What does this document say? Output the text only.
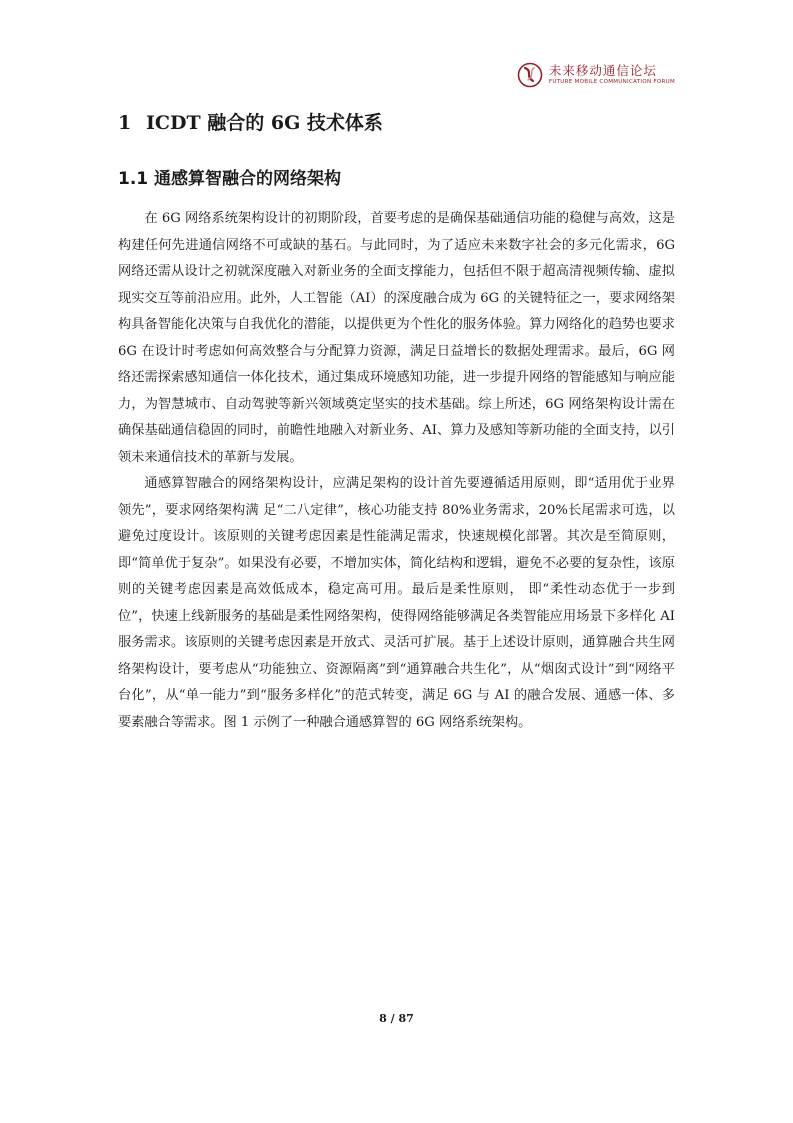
未来移动通信论坛
FUTURE MOBILE COMMUNICATION FORUM
1 ICDT 融合的 6G 技术体系
1.1 通感算智融合的网络架构

在 6G 网络系统架构设计的初期阶段，首要考虑的是确保基础通信功能的稳健与高效，这是构建任何先进通信网络不可或缺的基石。与此同时，为了适应未来数字社会的多元化需求，6G 网络还需从设计之初就深度融入对新业务的全面支撑能力，包括但不限于超高清视频传输、虚拟现实交互等前沿应用。此外，人工智能（AI）的深度融合成为 6G 的关键特征之一，要求网络架构具备智能化决策与自我优化的潜能，以提供更为个性化的服务体验。算力网络化的趋势也要求 6G 在设计时考虑如何高效整合与分配算力资源，满足日益增长的数据处理需求。最后，6G 网络还需探索感知通信一体化技术，通过集成环境感知功能，进一步提升网络的智能感知与响应能力，为智慧城市、自动驾驶等新兴领域奠定坚实的技术基础。综上所述，6G 网络架构设计需在确保基础通信稳固的同时，前瞻性地融入对新业务、AI、算力及感知等新功能的全面支持，以引领未来通信技术的革新与发展。

通感算智融合的网络架构设计，应满足架构的设计首先要遵循适用原则，即“适用优于业界领先”，要求网络架构满 足“二八定律”，核心功能支持 80%业务需求，20%长尾需求可选，以避免过度设计。该原则的关键考虑因素是性能满足需求，快速规模化部署。其次是至简原则，即“简单优于复杂”。如果没有必要，不增加实体，简化结构和逻辑，避免不必要的复杂性，该原则的关键考虑因素是高效低成本，稳定高可用。最后是柔性原则， 即“柔性动态优于一步到位”，快速上线新服务的基础是柔性网络架构，使得网络能够满足各类智能应用场景下多样化 AI 服务需求。该原则的关键考虑因素是开放式、灵活可扩展。基于上述设计原则，通算融合共生网络架构设计，要考虑从“功能独立、资源隔离”到“通算融合共生化”，从“烟囱式设计”到“网络平台化”，从“单一能力”到“服务多样化”的范式转变，满足 6G 与 AI 的融合发展、通感一体、多要素融合等需求。图 1 示例了一种融合通感算智的 6G 网络系统架构。

8 / 87
